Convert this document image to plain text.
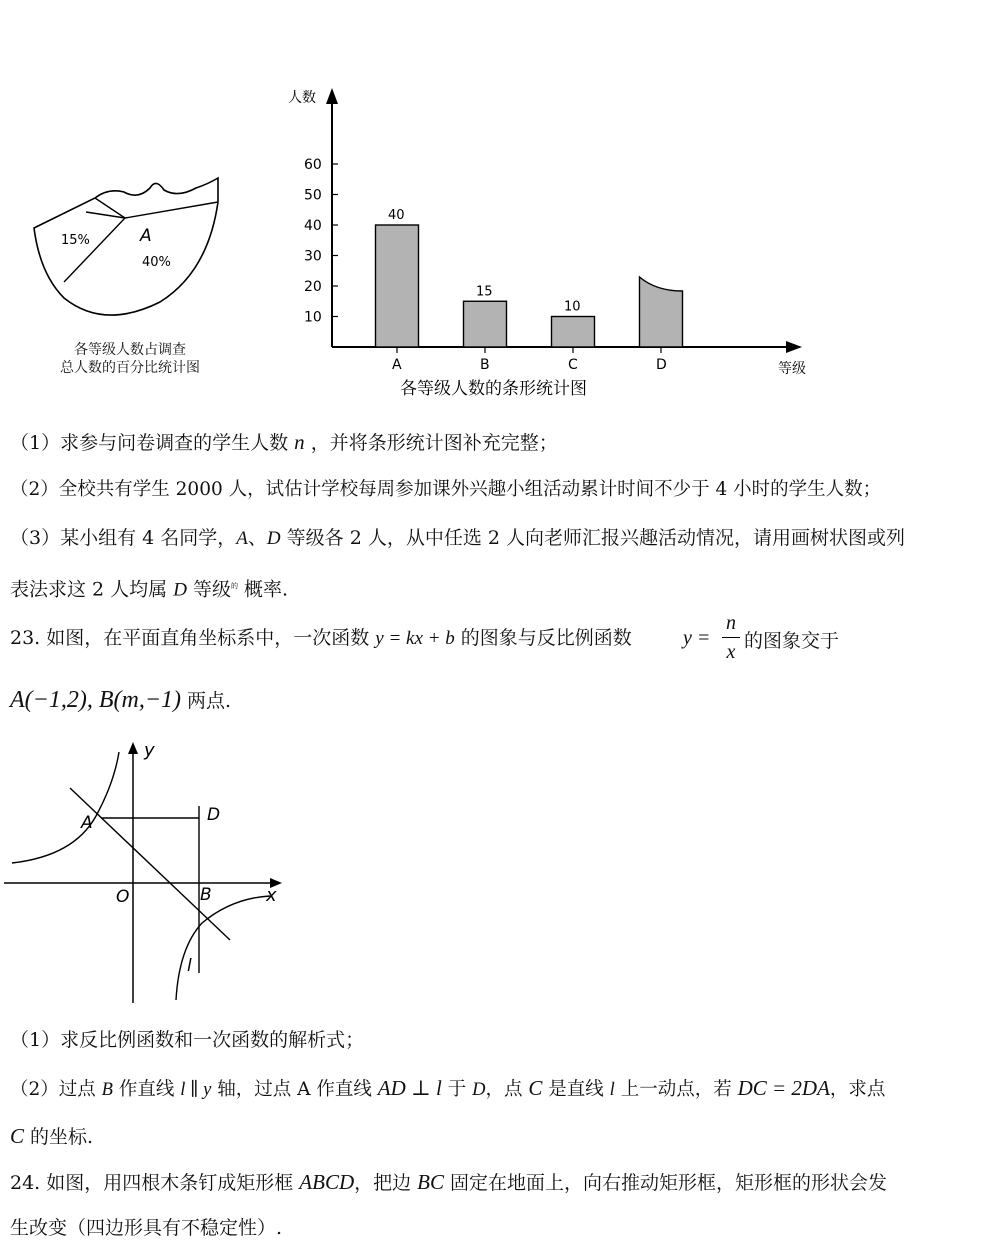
15%	A
40%
各等级人数占调查
总人数的百分比统计图
人数
等级
各等级人数的条形统计图
10
20
30
40
50
60
A	B	C	D
40
15
10
（1）求参与问卷调查的学生人数 n ，并将条形统计图补充完整；
（2）全校共有学生 2000 人，试估计学校每周参加课外兴趣小组活动累计时间不少于 4 小时的学生人数；
（3）某小组有 4 名同学，A、D 等级各 2 人，从中任选 2 人向老师汇报兴趣活动情况，请用画树状图或列
表法求这 2 人均属 D 等级$^的$ 概率.
23. 如图，在平面直角坐标系中，一次函数 y = kx + b 的图象与反比例函数	y =
n
x 的图象交于
A(−1,2), B(m,−1) 两点.
y
x
A	D
O	B
l
（1）求反比例函数和一次函数的解析式；
（2）过点 B 作直线 l ∥ y 轴，过点 A 作直线 AD ⊥ l 于 D，点 C 是直线 l 上一动点，若 DC = 2DA，求点
C 的坐标.
24. 如图，用四根木条钉成矩形框 ABCD，把边 BC 固定在地面上，向右推动矩形框，矩形框的形状会发
生改变（四边形具有不稳定性）.
